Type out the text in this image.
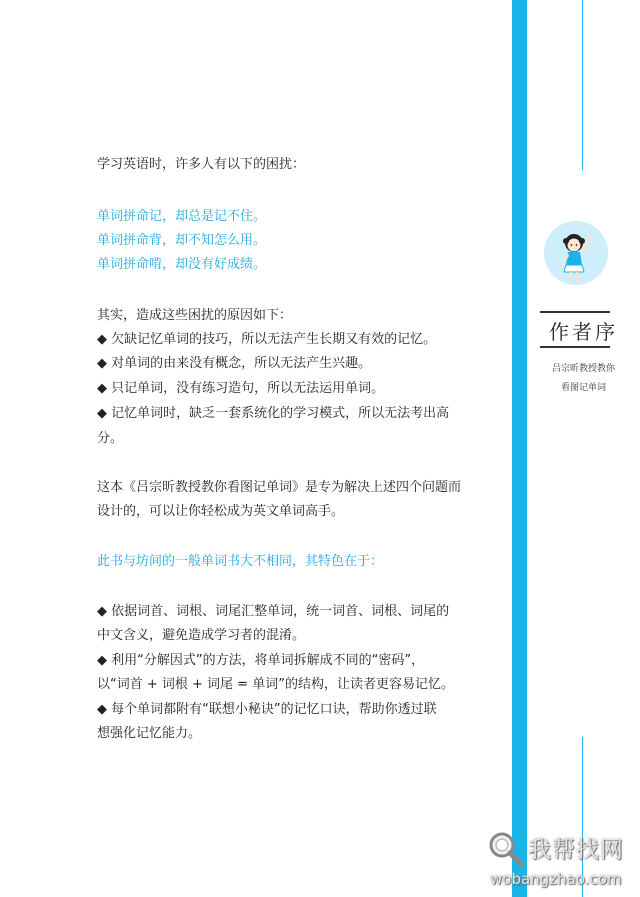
学习英语时，许多人有以下的困扰：
单词拼命记，却总是记不住。
单词拼命背，却不知怎么用。
单词拼命啃，却没有好成绩。
其实，造成这些困扰的原因如下：
◆ 欠缺记忆单词的技巧，所以无法产生长期又有效的记忆。
◆ 对单词的由来没有概念，所以无法产生兴趣。
◆ 只记单词，没有练习造句，所以无法运用单词。
◆ 记忆单词时，缺乏一套系统化的学习模式，所以无法考出高
分。
这本《吕宗昕教授教你看图记单词》是专为解决上述四个问题而
设计的，可以让你轻松成为英文单词高手。
此书与坊间的一般单词书大不相同，其特色在于：
◆ 依据词首、词根、词尾汇整单词，统一词首、词根、词尾的
中文含义，避免造成学习者的混淆。
◆ 利用“分解因式”的方法，将单词拆解成不同的“密码”，
以“词首 + 词根 + 词尾 = 单词”的结构，让读者更容易记忆。
◆ 每个单词都附有“联想小秘诀”的记忆口诀，帮助你透过联
想强化记忆能力。
作者序
吕宗昕教授教你
看图记单词
我帮找网
wobangzhao.com
